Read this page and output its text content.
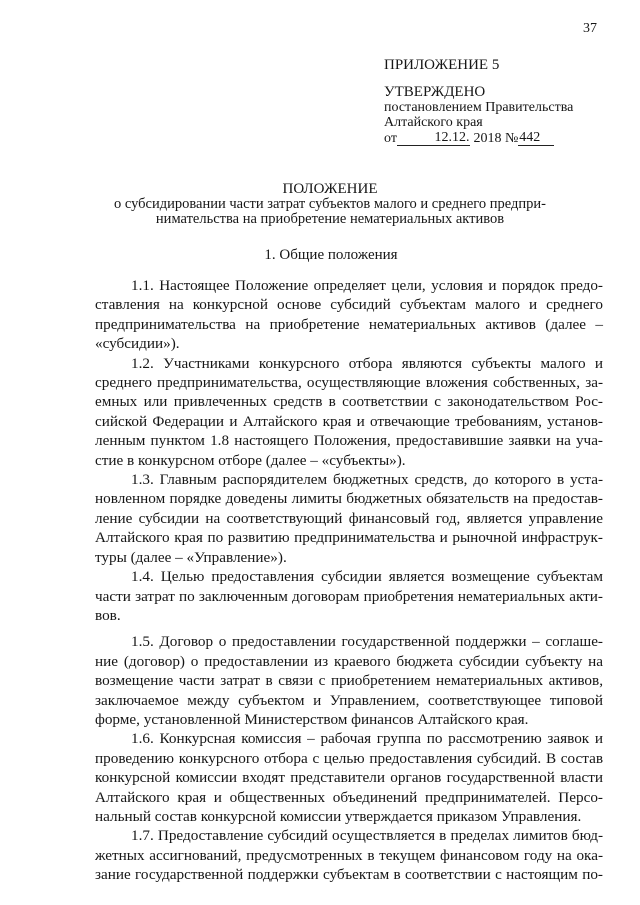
37
ПРИЛОЖЕНИЕ 5
УТВЕРЖДЕНО
постановлением Правительства
Алтайского края
от	12.12. 2018 №442
ПОЛОЖЕНИЕ
о субсидировании части затрат субъектов малого и среднего предпри-
нимательства на приобретение нематериальных активов
1. Общие положения

1.1. Настоящее Положение определяет цели, условия и порядок предо-
ставления на конкурсной основе субсидий субъектам малого и среднего
предпринимательства на приобретение нематериальных активов (далее –
«субсидии»).

1.2. Участниками конкурсного отбора являются субъекты малого и
среднего предпринимательства, осуществляющие вложения собственных, за-
емных или привлеченных средств в соответствии с законодательством Рос-
сийской Федерации и Алтайского края и отвечающие требованиям, установ-
ленным пунктом 1.8 настоящего Положения, предоставившие заявки на уча-
стие в конкурсном отборе (далее – «субъекты»).

1.3. Главным распорядителем бюджетных средств, до которого в уста-
новленном порядке доведены лимиты бюджетных обязательств на предостав-
ление субсидии на соответствующий финансовый год, является управление
Алтайского края по развитию предпринимательства и рыночной инфраструк-
туры (далее – «Управление»).

1.4. Целью предоставления субсидии является возмещение субъектам
части затрат по заключенным договорам приобретения нематериальных акти-
вов.

1.5. Договор о предоставлении государственной поддержки – соглаше-
ние (договор) о предоставлении из краевого бюджета субсидии субъекту на
возмещение части затрат в связи с приобретением нематериальных активов,
заключаемое между субъектом и Управлением, соответствующее типовой
форме, установленной Министерством финансов Алтайского края.

1.6. Конкурсная комиссия – рабочая группа по рассмотрению заявок и
проведению конкурсного отбора с целью предоставления субсидий. В состав
конкурсной комиссии входят представители органов государственной власти
Алтайского края и общественных объединений предпринимателей. Персо-
нальный состав конкурсной комиссии утверждается приказом Управления.

1.7. Предоставление субсидий осуществляется в пределах лимитов бюд-
жетных ассигнований, предусмотренных в текущем финансовом году на ока-
зание государственной поддержки субъектам в соответствии с настоящим по-
